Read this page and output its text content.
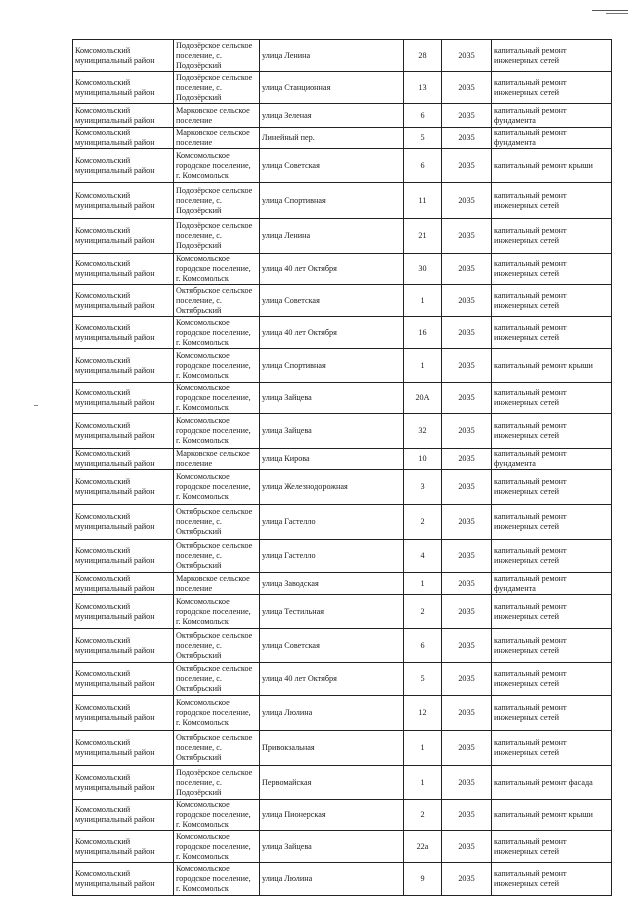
Комсомольский муниципальный район	Подозёрское сельское поселение, с. Подозёрский	улица Ленина	28	2035	капитальный ремонт инженерных сетей
Комсомольский муниципальный район	Подозёрское сельское поселение, с. Подозёрский	улица Станционная	13	2035	капитальный ремонт инженерных сетей
Комсомольский муниципальный район	Марковское сельское поселение	улица Зеленая	6	2035	капитальный ремонт фундамента
Комсомольский муниципальный район	Марковское сельское поселение	Линейный пер.	5	2035	капитальный ремонт фундамента
Комсомольский муниципальный район	Комсомольское городское поселение, г. Комсомольск	улица Советская	6	2035	капитальный ремонт крыши
Комсомольский муниципальный район	Подозёрское сельское поселение, с. Подозёрский	улица Спортивная	11	2035	капитальный ремонт инженерных сетей
Комсомольский муниципальный район	Подозёрское сельское поселение, с. Подозёрский	улица Ленина	21	2035	капитальный ремонт инженерных сетей
Комсомольский муниципальный район	Комсомольское городское поселение, г. Комсомольск	улица 40 лет Октября	30	2035	капитальный ремонт инженерных сетей
Комсомольский муниципальный район	Октябрьское сельское поселение, с. Октябрьский	улица Советская	1	2035	капитальный ремонт инженерных сетей
Комсомольский муниципальный район	Комсомольское городское поселение, г. Комсомольск	улица 40 лет Октября	16	2035	капитальный ремонт инженерных сетей
Комсомольский муниципальный район	Комсомольское городское поселение, г. Комсомольск	улица Спортивная	1	2035	капитальный ремонт крыши
Комсомольский муниципальный район	Комсомольское городское поселение, г. Комсомольск	улица Зайцева	20А	2035	капитальный ремонт инженерных сетей
Комсомольский муниципальный район	Комсомольское городское поселение, г. Комсомольск	улица Зайцева	32	2035	капитальный ремонт инженерных сетей
Комсомольский муниципальный район	Марковское сельское поселение	улица Кирова	10	2035	капитальный ремонт фундамента
Комсомольский муниципальный район	Комсомольское городское поселение, г. Комсомольск	улица Железнодорожная	3	2035	капитальный ремонт инженерных сетей
Комсомольский муниципальный район	Октябрьское сельское поселение, с. Октябрьский	улица Гастелло	2	2035	капитальный ремонт инженерных сетей
Комсомольский муниципальный район	Октябрьское сельское поселение, с. Октябрьский	улица Гастелло	4	2035	капитальный ремонт инженерных сетей
Комсомольский муниципальный район	Марковское сельское поселение	улица Заводская	1	2035	капитальный ремонт фундамента
Комсомольский муниципальный район	Комсомольское городское поселение, г. Комсомольск	улица Тестильная	2	2035	капитальный ремонт инженерных сетей
Комсомольский муниципальный район	Октябрьское сельское поселение, с. Октябрьский	улица Советская	6	2035	капитальный ремонт инженерных сетей
Комсомольский муниципальный район	Октябрьское сельское поселение, с. Октябрьский	улица 40 лет Октября	5	2035	капитальный ремонт инженерных сетей
Комсомольский муниципальный район	Комсомольское городское поселение, г. Комсомольск	улица Люлина	12	2035	капитальный ремонт инженерных сетей
Комсомольский муниципальный район	Октябрьское сельское поселение, с. Октябрьский	Привокзальная	1	2035	капитальный ремонт инженерных сетей
Комсомольский муниципальный район	Подозёрское сельское поселение, с. Подозёрский	Первомайская	1	2035	капитальный ремонт фасада
Комсомольский муниципальный район	Комсомольское городское поселение, г. Комсомольск	улица Пионерская	2	2035	капитальный ремонт крыши
Комсомольский муниципальный район	Комсомольское городское поселение, г. Комсомольск	улица Зайцева	22а	2035	капитальный ремонт инженерных сетей
Комсомольский муниципальный район	Комсомольское городское поселение, г. Комсомольск	улица Люлина	9	2035	капитальный ремонт инженерных сетей
